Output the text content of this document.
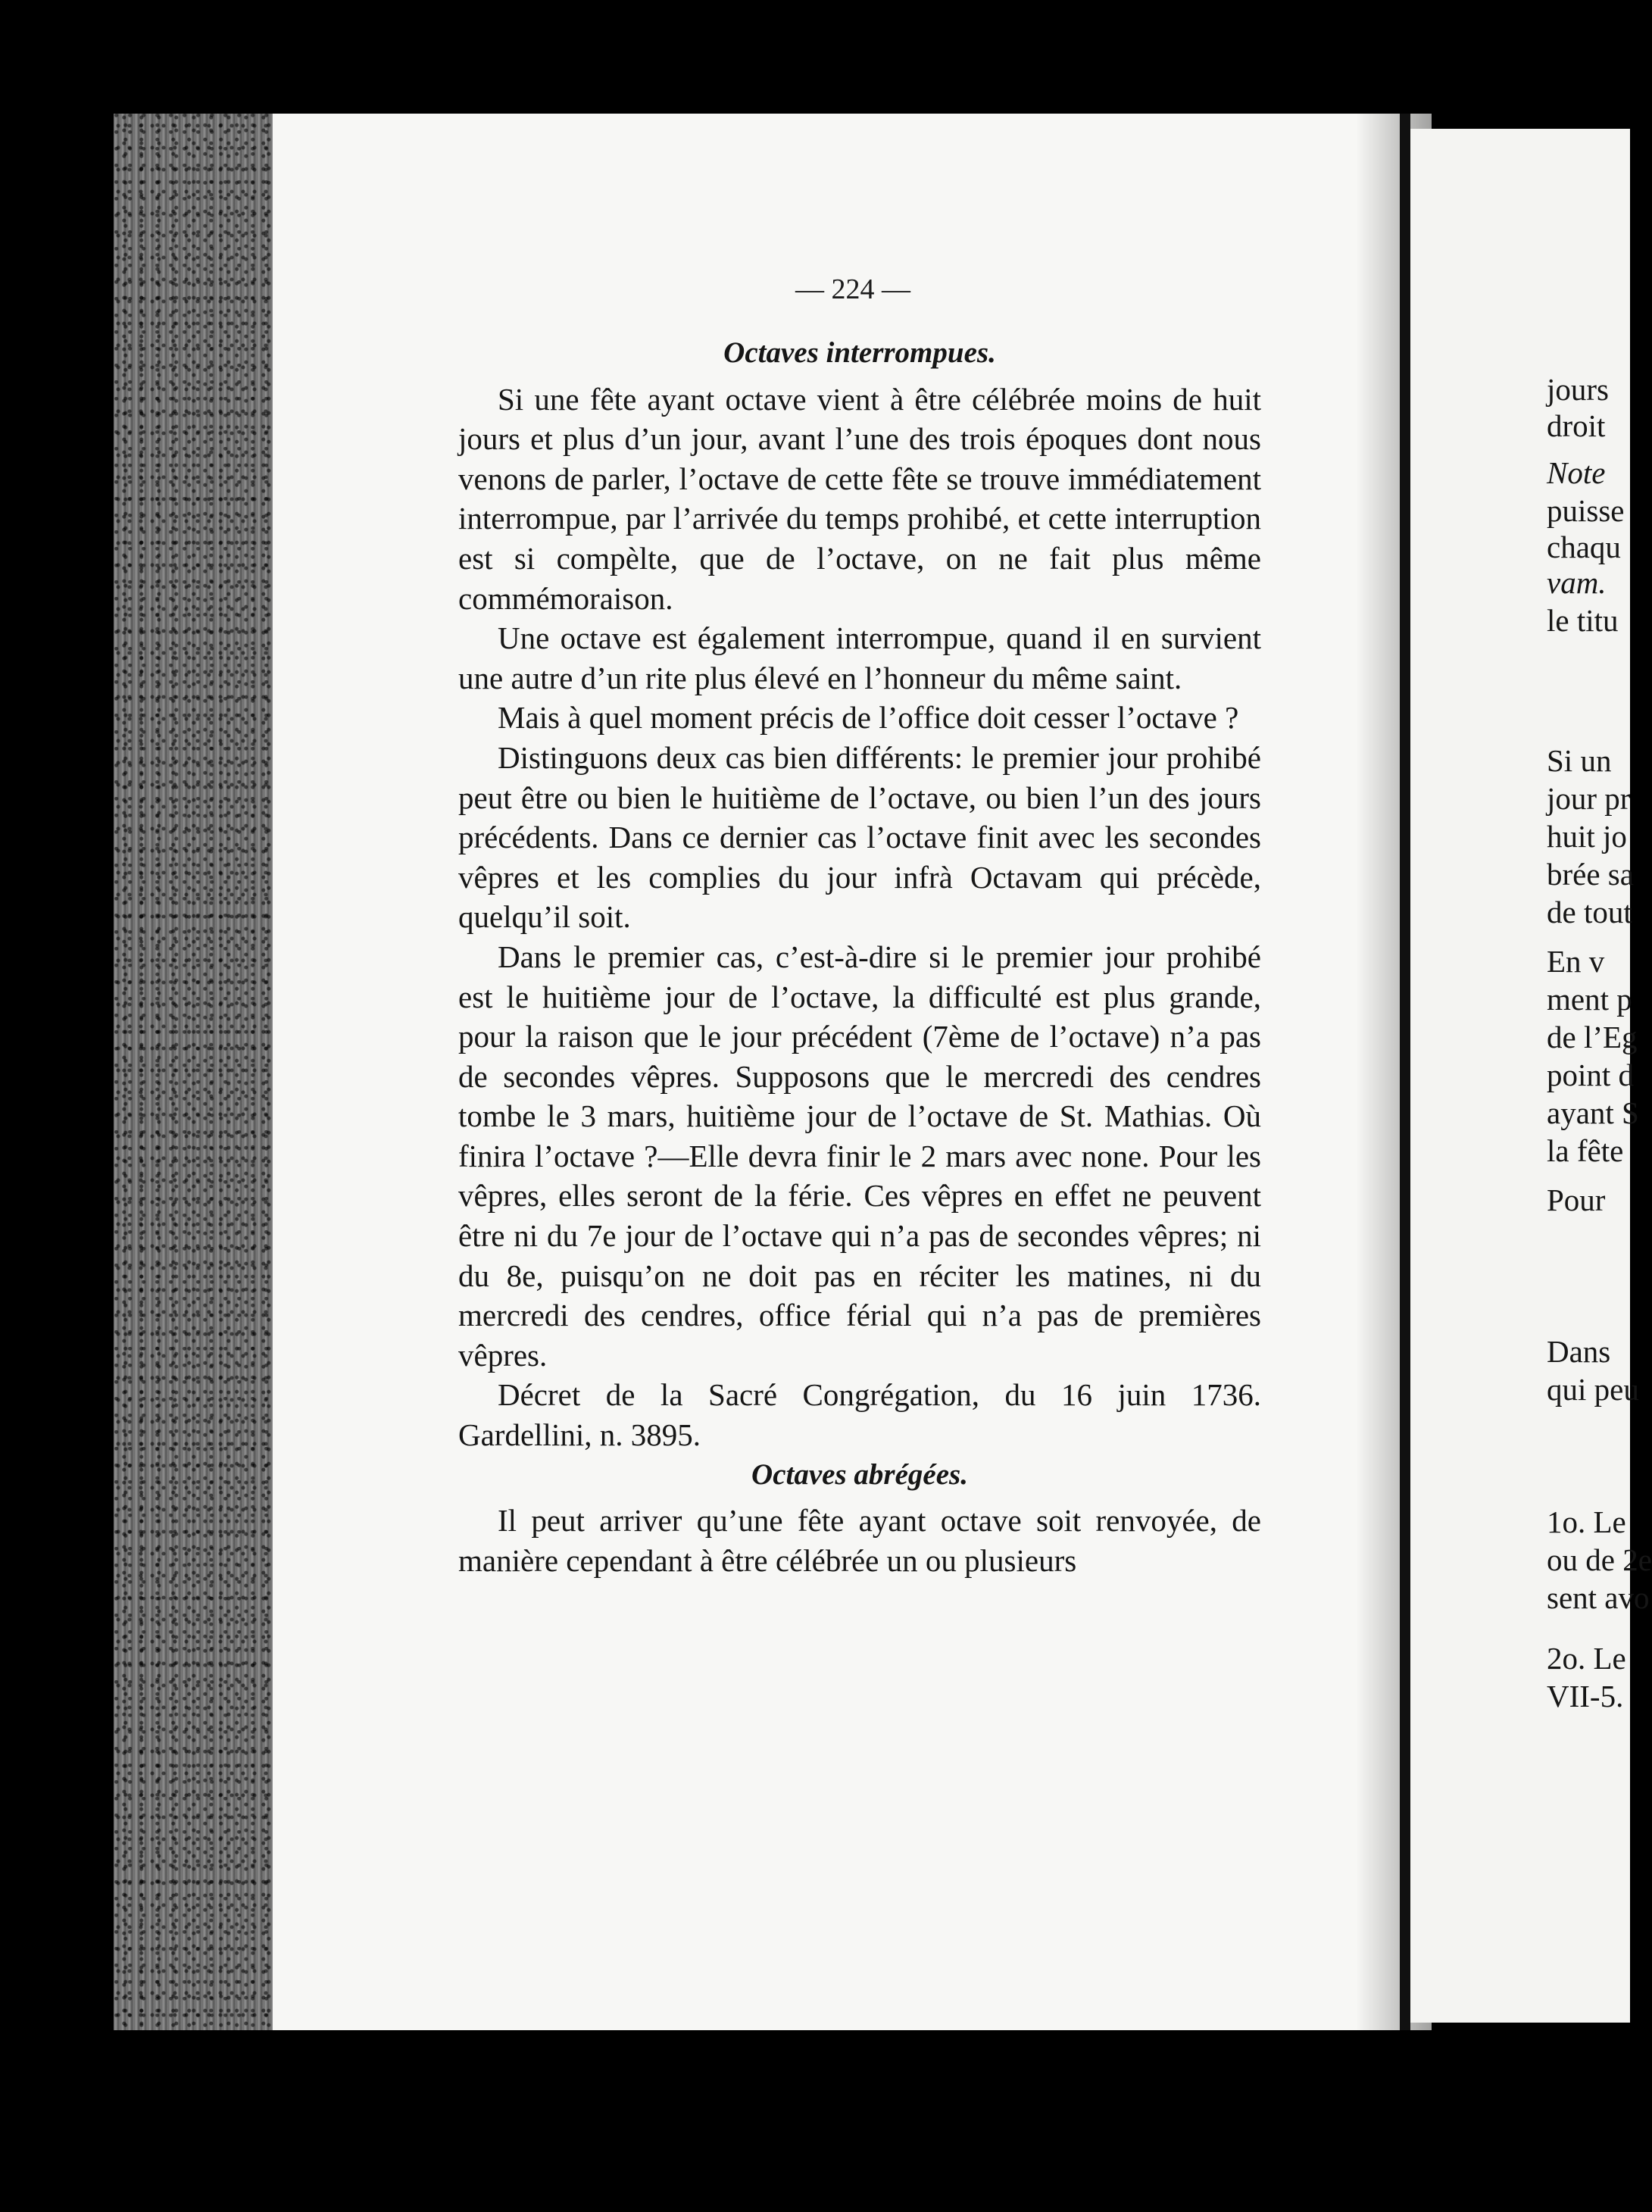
— 224 —
Octaves interrompues.

Si une fête ayant octave vient à être célébrée moins de huit jours et plus d’un jour, avant l’une des trois époques dont nous venons de parler, l’octave de cette fête se trouve immédiatement interrompue, par l’arrivée du temps prohibé, et cette interruption est si compèlte, que de l’octave, on ne fait plus même commémoraison.

Une octave est également interrompue, quand il en survient une autre d’un rite plus élevé en l’honneur du même saint.

Mais à quel moment précis de l’office doit cesser l’octave ?

Distinguons deux cas bien différents: le premier jour prohibé peut être ou bien le huitième de l’octave, ou bien l’un des jours précédents. Dans ce dernier cas l’octave finit avec les secondes vêpres et les complies du jour infrà Octavam qui précède, quelqu’il soit.

Dans le premier cas, c’est-à-dire si le premier jour prohibé est le huitième jour de l’octave, la difficulté est plus grande, pour la raison que le jour précédent (7ème de l’octave) n’a pas de secondes vêpres. Supposons que le mercredi des cendres tombe le 3 mars, huitième jour de l’octave de St. Mathias. Où finira l’octave ?—Elle devra finir le 2 mars avec none. Pour les vêpres, elles seront de la férie. Ces vêpres en effet ne peuvent être ni du 7e jour de l’octave qui n’a pas de secondes vêpres; ni du 8e, puisqu’on ne doit pas en réciter les matines, ni du mercredi des cendres, office férial qui n’a pas de premières vêpres.

Décret de la Sacré Congrégation, du 16 juin 1736. Gardellini, n. 3895.

Octaves abrégées.

Il peut arriver qu’une fête ayant octave soit renvoyée, de manière cependant à être célébrée un ou plusieurs

jours
droit
Note
puisse
chaqu
vam.
le titu
Si un
jour pr
huit jo
brée sa
de tout
En v
ment p
de l’Eg
point d
ayant S
la fête
Pour
Dans
qui peu
1o. Le
ou de 2e
sent avo
2o. Le
VII-5.
